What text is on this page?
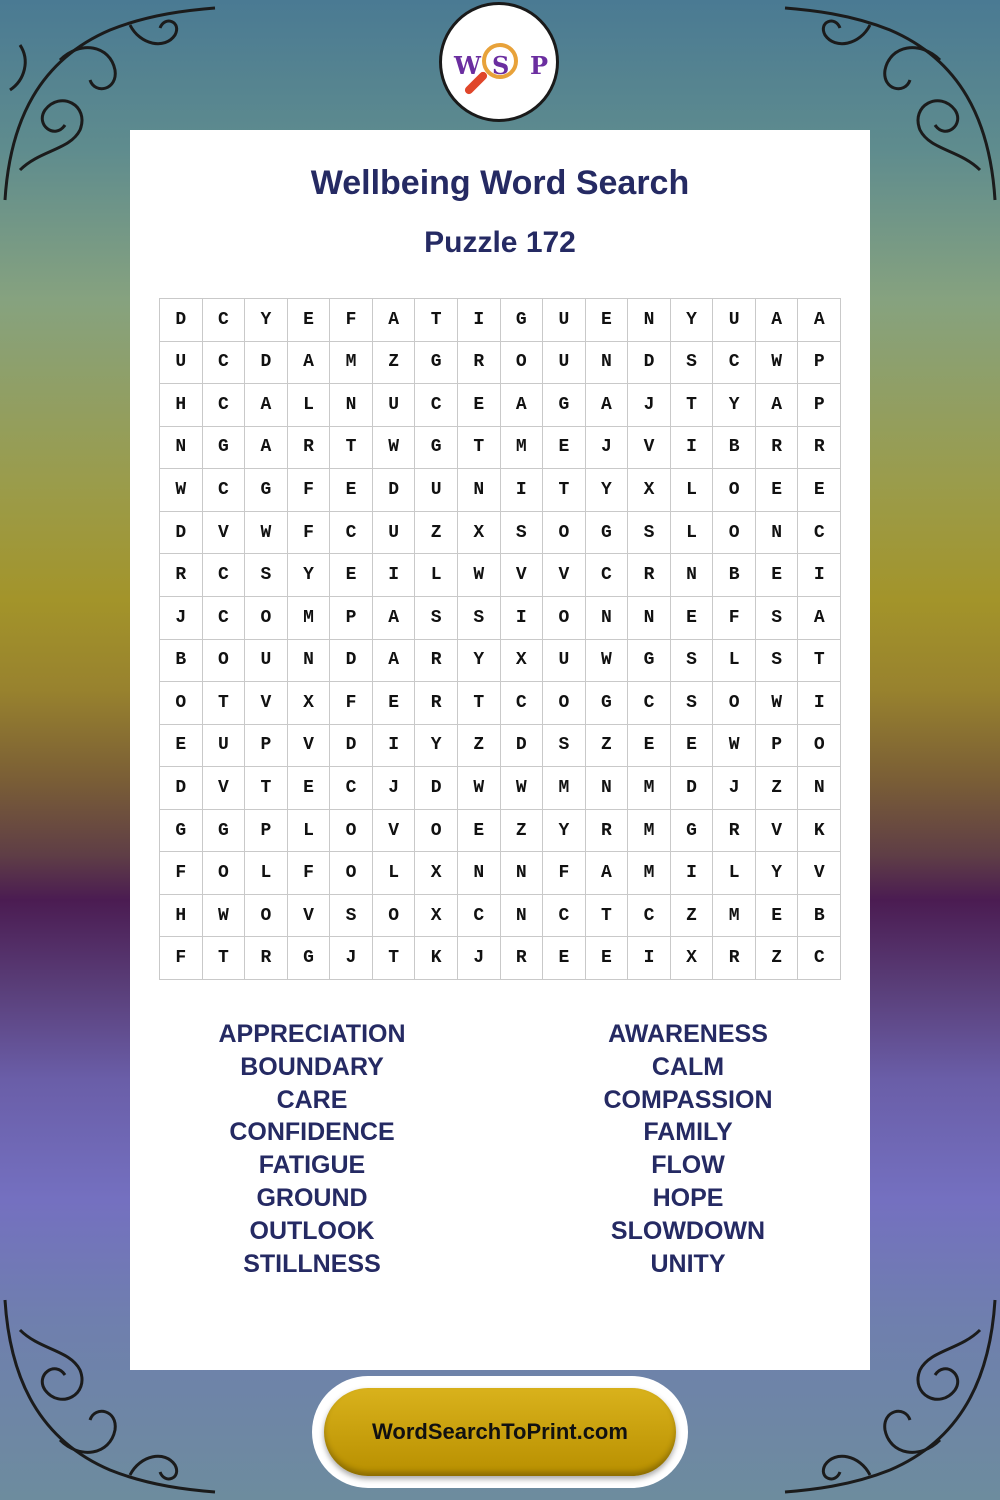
W S P
Wellbeing Word Search
Puzzle 172
D	C	Y	E	F	A	T	I	G	U	E	N	Y	U	A	A
U	C	D	A	M	Z	G	R	O	U	N	D	S	C	W	P
H	C	A	L	N	U	C	E	A	G	A	J	T	Y	A	P
N	G	A	R	T	W	G	T	M	E	J	V	I	B	R	R
W	C	G	F	E	D	U	N	I	T	Y	X	L	O	E	E
D	V	W	F	C	U	Z	X	S	O	G	S	L	O	N	C
R	C	S	Y	E	I	L	W	V	V	C	R	N	B	E	I
J	C	O	M	P	A	S	S	I	O	N	N	E	F	S	A
B	O	U	N	D	A	R	Y	X	U	W	G	S	L	S	T
O	T	V	X	F	E	R	T	C	O	G	C	S	O	W	I
E	U	P	V	D	I	Y	Z	D	S	Z	E	E	W	P	O
D	V	T	E	C	J	D	W	W	M	N	M	D	J	Z	N
G	G	P	L	O	V	O	E	Z	Y	R	M	G	R	V	K
F	O	L	F	O	L	X	N	N	F	A	M	I	L	Y	V
H	W	O	V	S	O	X	C	N	C	T	C	Z	M	E	B
F	T	R	G	J	T	K	J	R	E	E	I	X	R	Z	C
APPRECIATION
BOUNDARY
CARE
CONFIDENCE
FATIGUE
GROUND
OUTLOOK
STILLNESS
AWARENESS
CALM
COMPASSION
FAMILY
FLOW
HOPE
SLOWDOWN
UNITY
WordSearchToPrint.com
